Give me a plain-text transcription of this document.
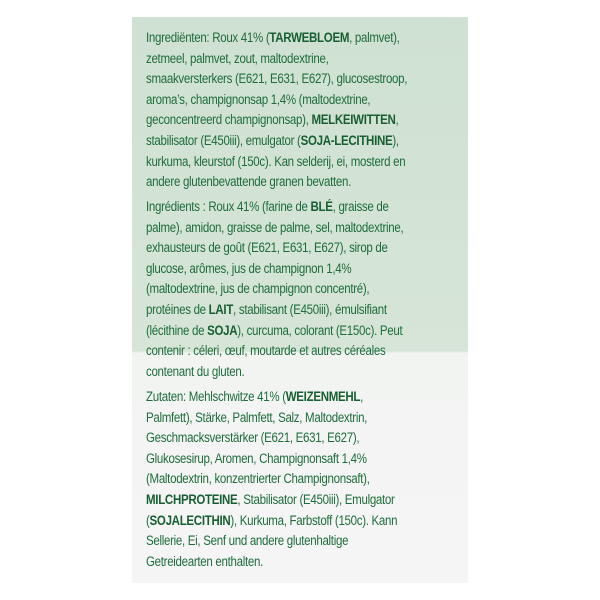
Ingrediënten: Roux 41% (TARWEBLOEM, palmvet),
zetmeel, palmvet, zout, maltodextrine,
smaakversterkers (E621, E631, E627), glucosestroop,
aroma’s, champignonsap 1,4% (maltodextrine,
geconcentreerd champignonsap), MELKEIWITTEN,
stabilisator (E450iii), emulgator (SOJA-LECITHINE),
kurkuma, kleurstof (150c). Kan selderij, ei, mosterd en
andere glutenbevattende granen bevatten.
Ingrédients : Roux 41% (farine de BLÉ, graisse de
palme), amidon, graisse de palme, sel, maltodextrine,
exhausteurs de goût (E621, E631, E627), sirop de
glucose, arômes, jus de champignon 1,4%
(maltodextrine, jus de champignon concentré),
protéines de LAIT, stabilisant (E450iii), émulsifiant
(lécithine de SOJA), curcuma, colorant (E150c). Peut
contenir : céleri, œuf, moutarde et autres céréales
contenant du gluten.
Zutaten: Mehlschwitze 41% (WEIZENMEHL,
Palmfett), Stärke, Palmfett, Salz, Maltodextrin,
Geschmacksverstärker (E621, E631, E627),
Glukosesirup, Aromen, Champignonsaft 1,4%
(Maltodextrin, konzentrierter Champignonsaft),
MILCHPROTEINE, Stabilisator (E450iii), Emulgator
(SOJALECITHIN), Kurkuma, Farbstoff (150c). Kann
Sellerie, Ei, Senf und andere glutenhaltige
Getreidearten enthalten.
